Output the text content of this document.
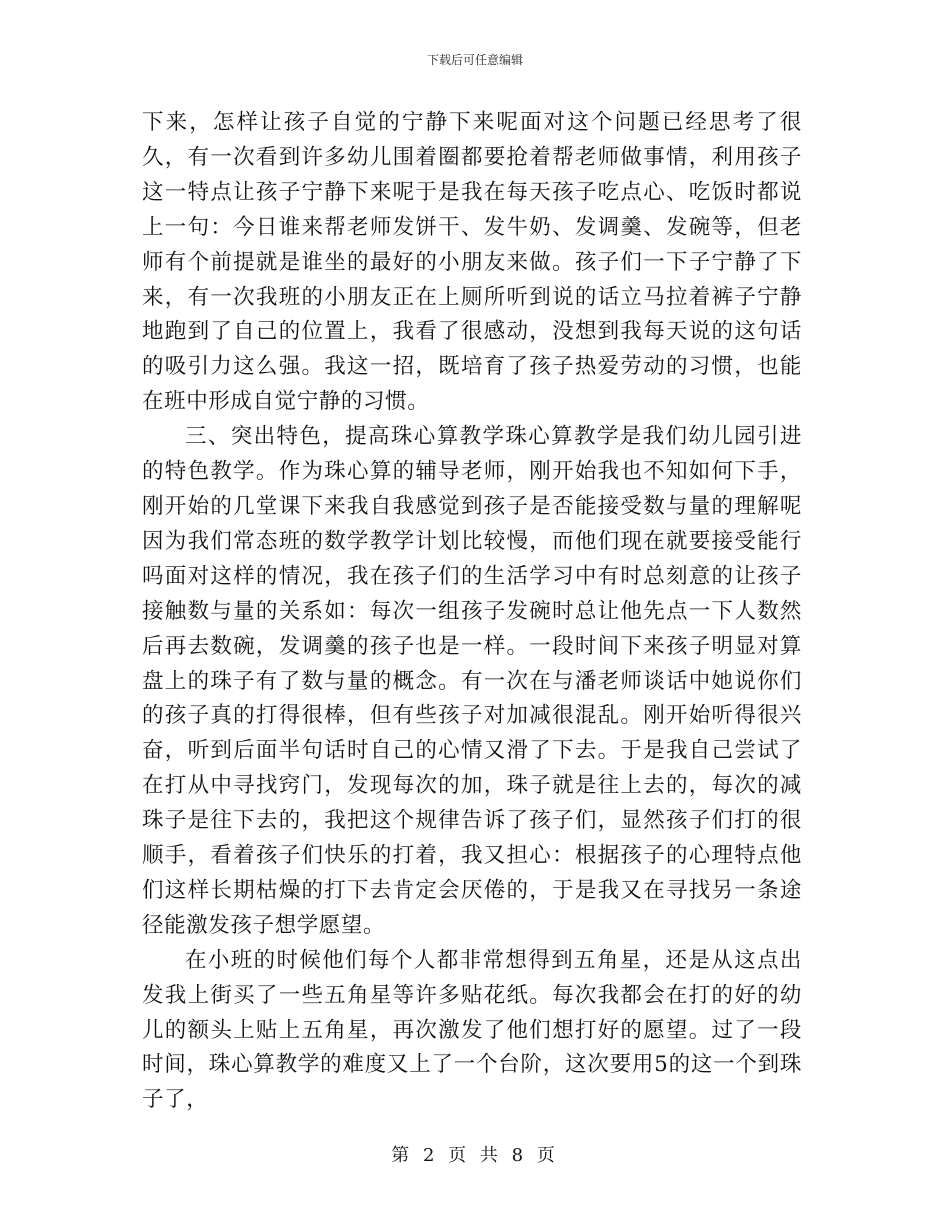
下载后可任意编辑

下来，怎样让孩子自觉的宁静下来呢面对这个问题已经思考了很久，有一次看到许多幼儿围着圈都要抢着帮老师做事情，利用孩子这一特点让孩子宁静下来呢于是我在每天孩子吃点心、吃饭时都说上一句：今日谁来帮老师发饼干、发牛奶、发调羹、发碗等，但老师有个前提就是谁坐的最好的小朋友来做。孩子们一下子宁静了下来，有一次我班的小朋友正在上厕所听到说的话立马拉着裤子宁静地跑到了自己的位置上，我看了很感动，没想到我每天说的这句话的吸引力这么强。我这一招，既培育了孩子热爱劳动的习惯，也能在班中形成自觉宁静的习惯。

三、突出特色，提高珠心算教学珠心算教学是我们幼儿园引进的特色教学。作为珠心算的辅导老师，刚开始我也不知如何下手，刚开始的几堂课下来我自我感觉到孩子是否能接受数与量的理解呢因为我们常态班的数学教学计划比较慢，而他们现在就要接受能行吗面对这样的情况，我在孩子们的生活学习中有时总刻意的让孩子接触数与量的关系如：每次一组孩子发碗时总让他先点一下人数然后再去数碗，发调羹的孩子也是一样。一段时间下来孩子明显对算盘上的珠子有了数与量的概念。有一次在与潘老师谈话中她说你们的孩子真的打得很棒，但有些孩子对加减很混乱。刚开始听得很兴奋，听到后面半句话时自己的心情又滑了下去。于是我自己尝试了在打从中寻找窍门，发现每次的加，珠子就是往上去的，每次的减珠子是往下去的，我把这个规律告诉了孩子们，显然孩子们打的很顺手，看着孩子们快乐的打着，我又担心：根据孩子的心理特点他们这样长期枯燥的打下去肯定会厌倦的，于是我又在寻找另一条途径能激发孩子想学愿望。

在小班的时候他们每个人都非常想得到五角星，还是从这点出发我上街买了一些五角星等许多贴花纸。每次我都会在打的好的幼儿的额头上贴上五角星，再次激发了他们想打好的愿望。过了一段时间，珠心算教学的难度又上了一个台阶，这次要用5的这一个到珠子了，

第 2 页 共 8 页
